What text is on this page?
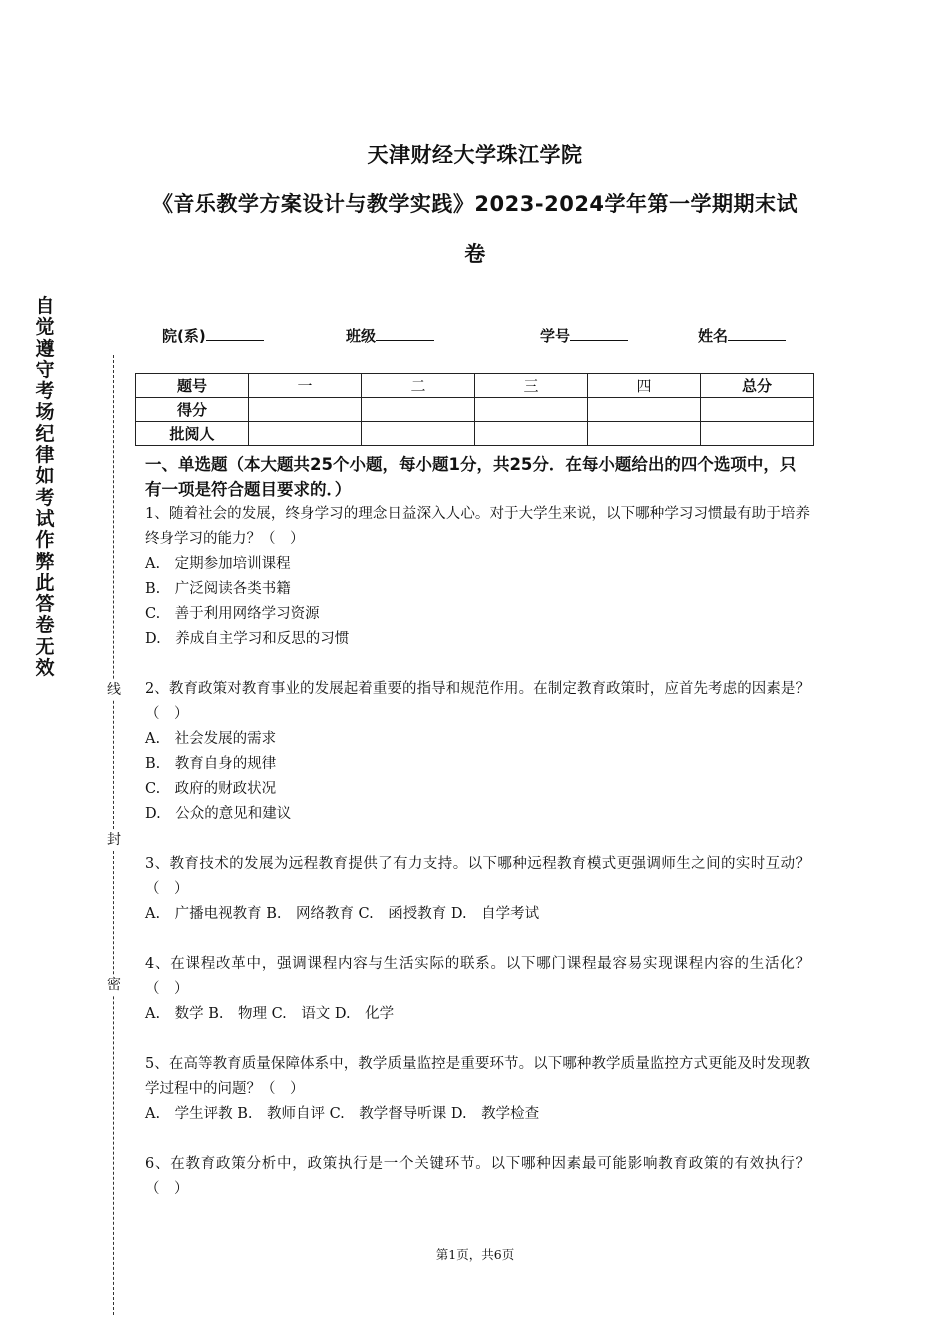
天津财经大学珠江学院
《音乐教学方案设计与教学实践》2023-2024学年第一学期期末试
卷
自觉遵守考场纪律如考试作弊此答卷无效
线
封
密
院(系)	班级	学号	姓名
题号	一	二	三	四	总分
得分					
批阅人					

一、单选题（本大题共25个小题，每小题1分，共25分．在每小题给出的四个选项中，只有一项是符合题目要求的．）

1、随着社会的发展，终身学习的理念日益深入人心。对于大学生来说，以下哪种学习习惯最有助于培养终身学习的能力？（　）

A.　定期参加培训课程

B.　广泛阅读各类书籍

C.　善于利用网络学习资源

D.　养成自主学习和反思的习惯

2、教育政策对教育事业的发展起着重要的指导和规范作用。在制定教育政策时，应首先考虑的因素是？（　）

A.　社会发展的需求

B.　教育自身的规律

C.　政府的财政状况

D.　公众的意见和建议

3、教育技术的发展为远程教育提供了有力支持。以下哪种远程教育模式更强调师生之间的实时互动？（　）

A.　广播电视教育 B.　网络教育 C.　函授教育 D.　自学考试

4、在课程改革中，强调课程内容与生活实际的联系。以下哪门课程最容易实现课程内容的生活化？（　）

A.　数学 B.　物理 C.　语文 D.　化学

5、在高等教育质量保障体系中，教学质量监控是重要环节。以下哪种教学质量监控方式更能及时发现教学过程中的问题？（　）

A.　学生评教 B.　教师自评 C.　教学督导听课 D.　教学检查

6、在教育政策分析中，政策执行是一个关键环节。以下哪种因素最可能影响教育政策的有效执行？（　）

第1页，共6页
